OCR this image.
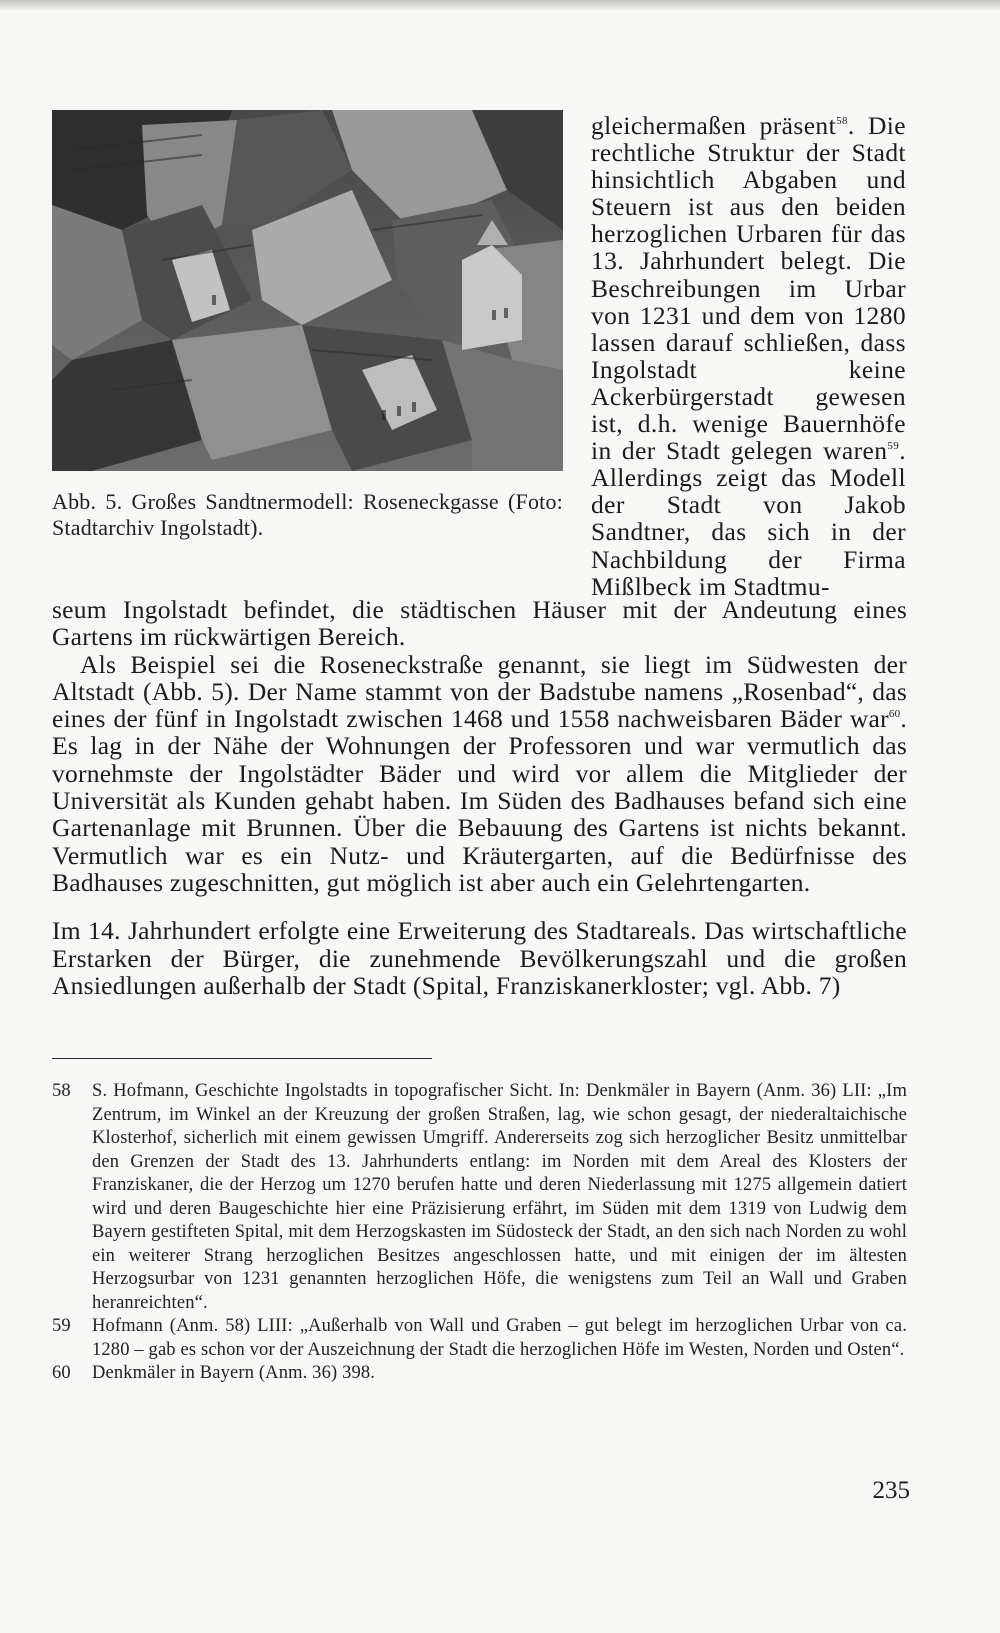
Abb. 5. Großes Sandtnermodell: Roseneckgasse (Foto: Stadtarchiv Ingolstadt).
gleichermaßen präsent$^{58}$. Die rechtliche Struktur der Stadt hinsichtlich Abgaben und Steuern ist aus den beiden herzoglichen Urbaren für das 13. Jahrhundert belegt. Die Beschreibungen im Urbar von 1231 und dem von 1280 lassen darauf schließen, dass Ingolstadt keine Ackerbürgerstadt gewesen ist, d.h. wenige Bauernhöfe in der Stadt gelegen waren$^{59}$. Allerdings zeigt das Modell der Stadt von Jakob Sandtner, das sich in der Nachbildung der Firma Mißlbeck im Stadtmu-

seum Ingolstadt befindet, die städtischen Häuser mit der Andeutung eines Gartens im rückwärtigen Bereich.

Als Beispiel sei die Roseneckstraße genannt, sie liegt im Südwesten der Altstadt (Abb. 5). Der Name stammt von der Badstube namens „Rosenbad“, das eines der fünf in Ingolstadt zwischen 1468 und 1558 nachweisbaren Bäder war$^{60}$. Es lag in der Nähe der Wohnungen der Professoren und war vermutlich das vornehmste der Ingolstädter Bäder und wird vor allem die Mitglieder der Universität als Kunden gehabt haben. Im Süden des Badhauses befand sich eine Gartenanlage mit Brunnen. Über die Bebauung des Gartens ist nichts bekannt. Vermutlich war es ein Nutz- und Kräutergarten, auf die Bedürfnisse des Badhauses zugeschnitten, gut möglich ist aber auch ein Gelehrtengarten.

Im 14. Jahrhundert erfolgte eine Erweiterung des Stadtareals. Das wirtschaftliche Erstarken der Bürger, die zunehmende Bevölkerungszahl und die großen Ansiedlungen außerhalb der Stadt (Spital, Franziskanerkloster; vgl. Abb. 7)

58 S. Hofmann, Geschichte Ingolstadts in topografischer Sicht. In: Denkmäler in Bayern (Anm. 36) LII: „Im Zentrum, im Winkel an der Kreuzung der großen Straßen, lag, wie schon gesagt, der niederaltaichische Klosterhof, sicherlich mit einem gewissen Umgriff. Andererseits zog sich herzoglicher Besitz unmittelbar den Grenzen der Stadt des 13. Jahrhunderts entlang: im Norden mit dem Areal des Klosters der Franziskaner, die der Herzog um 1270 berufen hatte und deren Niederlassung mit 1275 allgemein datiert wird und deren Baugeschichte hier eine Präzisierung erfährt, im Süden mit dem 1319 von Ludwig dem Bayern gestifteten Spital, mit dem Herzogskasten im Südosteck der Stadt, an den sich nach Norden zu wohl ein weiterer Strang herzoglichen Besitzes angeschlossen hatte, und mit einigen der im ältesten Herzogsurbar von 1231 genannten herzoglichen Höfe, die wenigstens zum Teil an Wall und Graben heranreichten“.
59 Hofmann (Anm. 58) LIII: „Außerhalb von Wall und Graben – gut belegt im herzoglichen Urbar von ca. 1280 – gab es schon vor der Auszeichnung der Stadt die herzoglichen Höfe im Westen, Norden und Osten“.
60 Denkmäler in Bayern (Anm. 36) 398.
235
